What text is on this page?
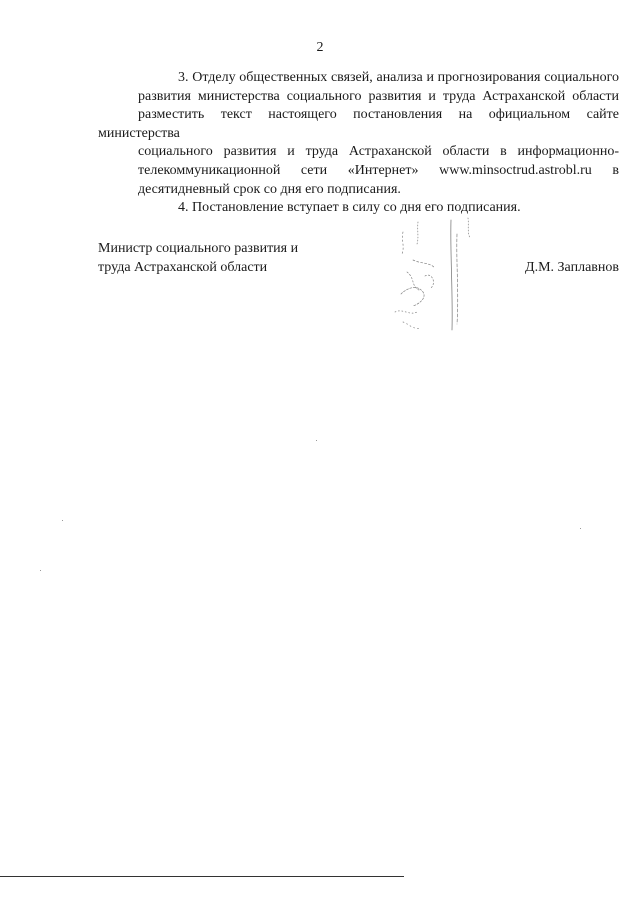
2

3. Отделу общественных связей, анализа и прогнозирования социального
развития министерства социального развития и труда Астраханской области
разместить текст настоящего постановления на официальном сайте министерства
социального развития и труда Астраханской области в информационно-
телекоммуникационной сети «Интернет» www.minsoctrud.astrobl.ru в
десятидневный срок со дня его подписания.

4. Постановление вступает в силу со дня его подписания.

Министр социального развития и
труда Астраханской области	Д.М. Заплавнов
